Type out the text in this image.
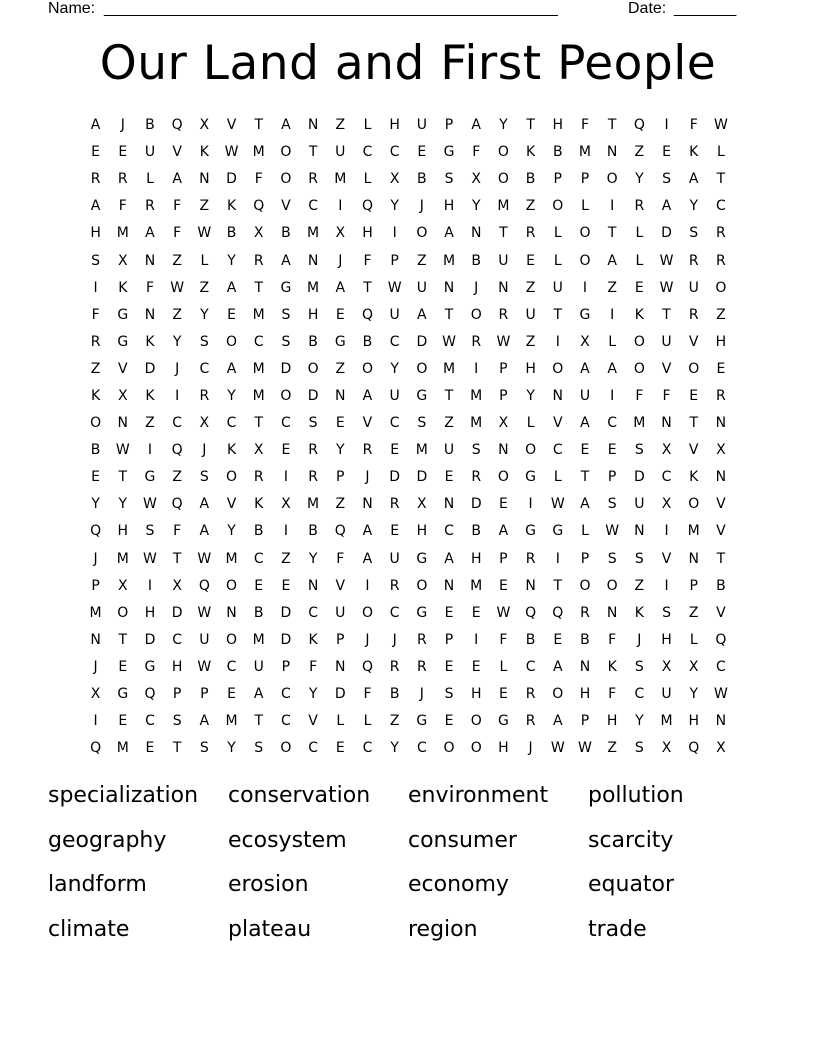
Name: ___________________________________________________	Date: _______
Our Land and First People
A	J	B	Q	X	V	T	A	N	Z	L	H	U	P	A	Y	T	H	F	T	Q	I	F	W
E	E	U	V	K	W	M	O	T	U	C	C	E	G	F	O	K	B	M	N	Z	E	K	L
R	R	L	A	N	D	F	O	R	M	L	X	B	S	X	O	B	P	P	O	Y	S	A	T
A	F	R	F	Z	K	Q	V	C	I	Q	Y	J	H	Y	M	Z	O	L	I	R	A	Y	C
H	M	A	F	W	B	X	B	M	X	H	I	O	A	N	T	R	L	O	T	L	D	S	R
S	X	N	Z	L	Y	R	A	N	J	F	P	Z	M	B	U	E	L	O	A	L	W	R	R
I	K	F	W	Z	A	T	G	M	A	T	W	U	N	J	N	Z	U	I	Z	E	W	U	O
F	G	N	Z	Y	E	M	S	H	E	Q	U	A	T	O	R	U	T	G	I	K	T	R	Z
R	G	K	Y	S	O	C	S	B	G	B	C	D	W	R	W	Z	I	X	L	O	U	V	H
Z	V	D	J	C	A	M	D	O	Z	O	Y	O	M	I	P	H	O	A	A	O	V	O	E
K	X	K	I	R	Y	M	O	D	N	A	U	G	T	M	P	Y	N	U	I	F	F	E	R
O	N	Z	C	X	C	T	C	S	E	V	C	S	Z	M	X	L	V	A	C	M	N	T	N
B	W	I	Q	J	K	X	E	R	Y	R	E	M	U	S	N	O	C	E	E	S	X	V	X
E	T	G	Z	S	O	R	I	R	P	J	D	D	E	R	O	G	L	T	P	D	C	K	N
Y	Y	W	Q	A	V	K	X	M	Z	N	R	X	N	D	E	I	W	A	S	U	X	O	V
Q	H	S	F	A	Y	B	I	B	Q	A	E	H	C	B	A	G	G	L	W	N	I	M	V
J	M	W	T	W	M	C	Z	Y	F	A	U	G	A	H	P	R	I	P	S	S	V	N	T
P	X	I	X	Q	O	E	E	N	V	I	R	O	N	M	E	N	T	O	O	Z	I	P	B
M	O	H	D	W	N	B	D	C	U	O	C	G	E	E	W	Q	Q	R	N	K	S	Z	V
N	T	D	C	U	O	M	D	K	P	J	J	R	P	I	F	B	E	B	F	J	H	L	Q
J	E	G	H	W	C	U	P	F	N	Q	R	R	E	E	L	C	A	N	K	S	X	X	C
X	G	Q	P	P	E	A	C	Y	D	F	B	J	S	H	E	R	O	H	F	C	U	Y	W
I	E	C	S	A	M	T	C	V	L	L	Z	G	E	O	G	R	A	P	H	Y	M	H	N
Q	M	E	T	S	Y	S	O	C	E	C	Y	C	O	O	H	J	W W	Z	S	X	Q	X
specialization	conservation	environment	pollution
geography	ecosystem	consumer	scarcity
landform	erosion	economy	equator
climate	plateau	region	trade
